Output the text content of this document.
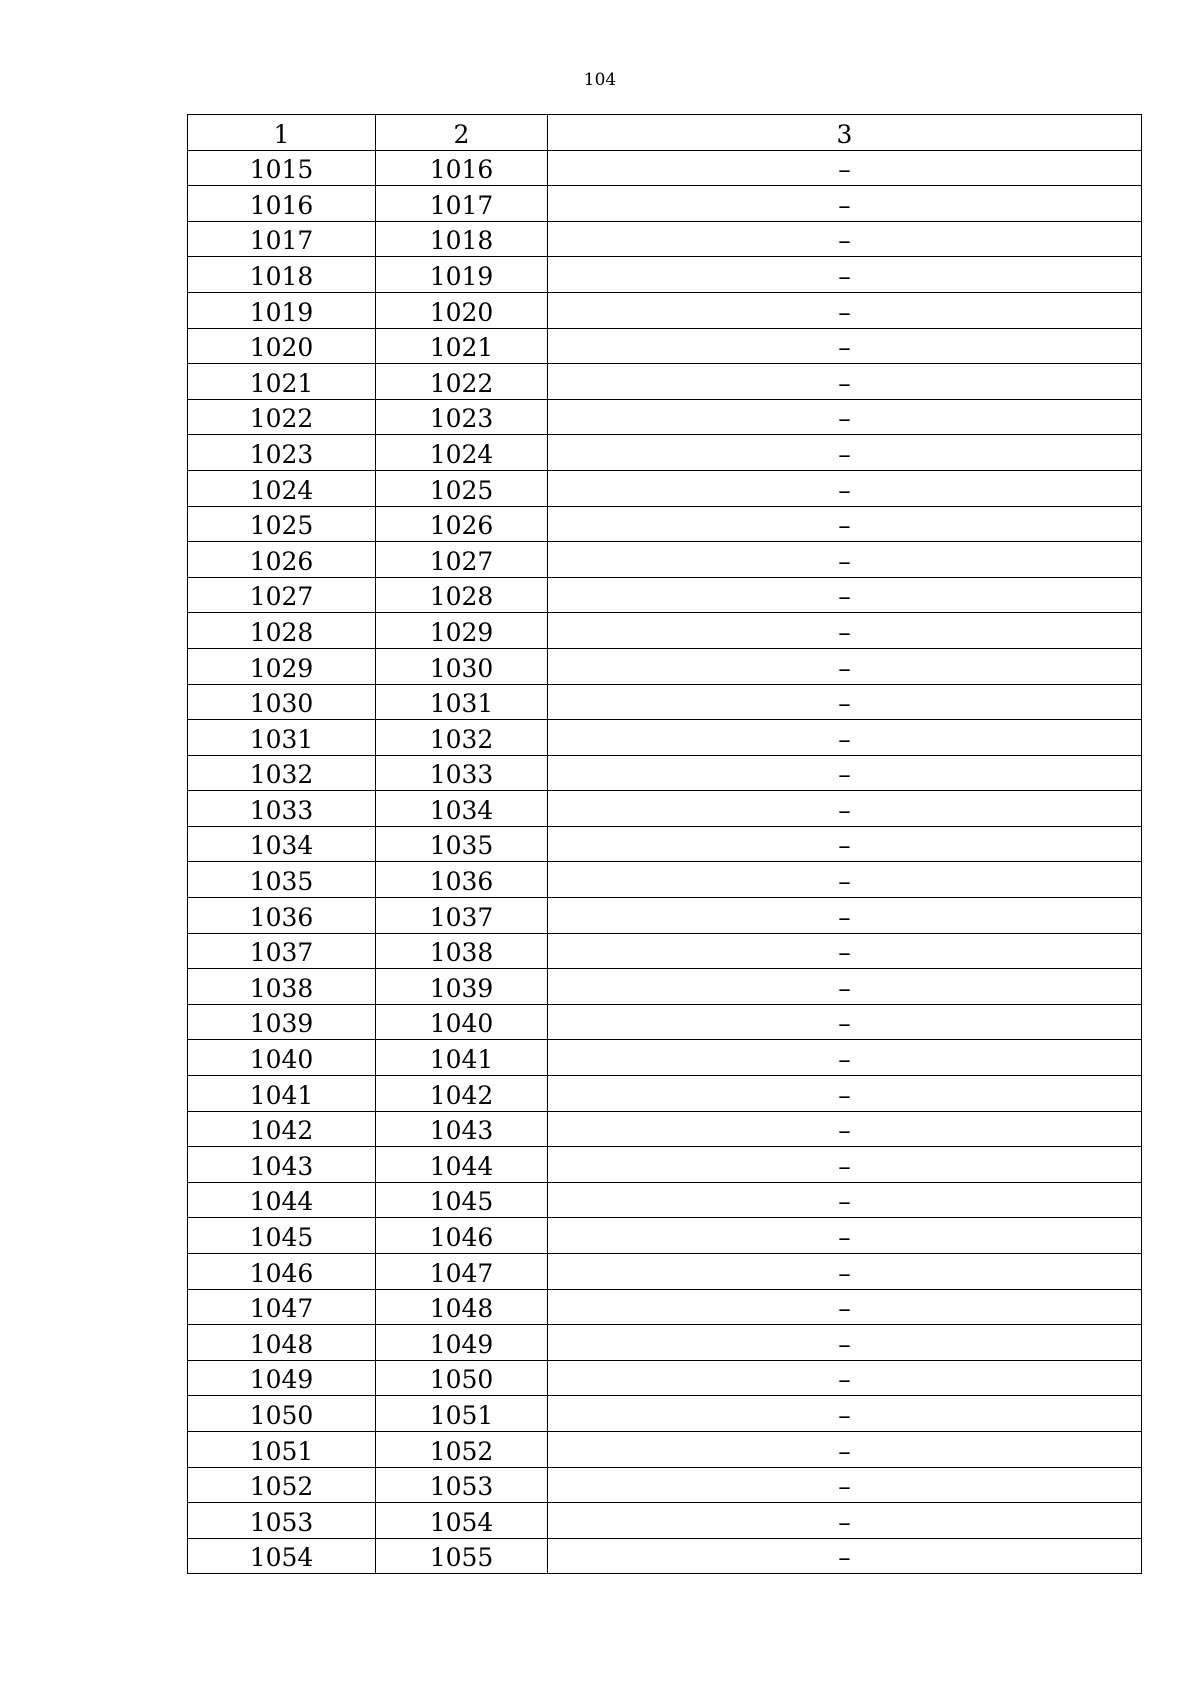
104
1	2	3
1015	1016	–
1016	1017	–
1017	1018	–
1018	1019	–
1019	1020	–
1020	1021	–
1021	1022	–
1022	1023	–
1023	1024	–
1024	1025	–
1025	1026	–
1026	1027	–
1027	1028	–
1028	1029	–
1029	1030	–
1030	1031	–
1031	1032	–
1032	1033	–
1033	1034	–
1034	1035	–
1035	1036	–
1036	1037	–
1037	1038	–
1038	1039	–
1039	1040	–
1040	1041	–
1041	1042	–
1042	1043	–
1043	1044	–
1044	1045	–
1045	1046	–
1046	1047	–
1047	1048	–
1048	1049	–
1049	1050	–
1050	1051	–
1051	1052	–
1052	1053	–
1053	1054	–
1054	1055	–
